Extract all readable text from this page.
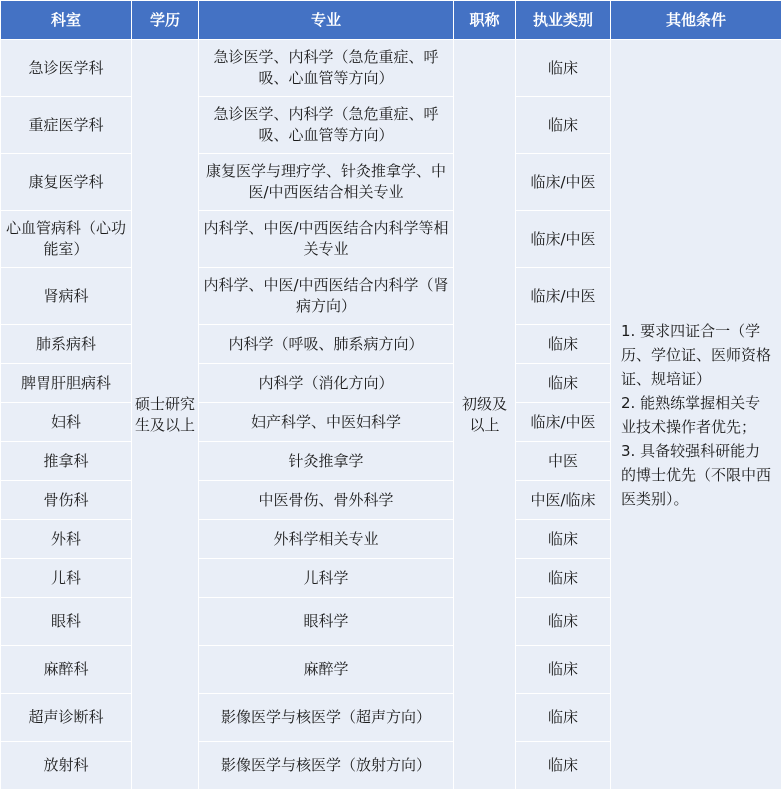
科室	学历	专业	职称	执业类别	其他条件
急诊医学科	硕士研究生及以上	急诊医学、内科学（急危重症、呼吸、心血管等方向）	初级及以上	临床	1. 要求四证合一（学历、学位证、医师资格证、规培证）
2. 能熟练掌握相关专业技术操作者优先；
3. 具备较强科研能力的博士优先（不限中西医类别）。
重症医学科		急诊医学、内科学（急危重症、呼吸、心血管等方向）		临床	
康复医学科		康复医学与理疗学、针灸推拿学、中医/中西医结合相关专业		临床/中医	
心血管病科（心功能室）		内科学、中医/中西医结合内科学等相关专业		临床/中医	
肾病科		内科学、中医/中西医结合内科学（肾病方向）		临床/中医	
肺系病科		内科学（呼吸、肺系病方向）		临床	
脾胃肝胆病科		内科学（消化方向）		临床	
妇科		妇产科学、中医妇科学		临床/中医	
推拿科		针灸推拿学		中医	
骨伤科		中医骨伤、骨外科学		中医/临床	
外科		外科学相关专业		临床	
儿科		儿科学		临床	
眼科		眼科学		临床	
麻醉科		麻醉学		临床	
超声诊断科		影像医学与核医学（超声方向）		临床	
放射科		影像医学与核医学（放射方向）		临床	
